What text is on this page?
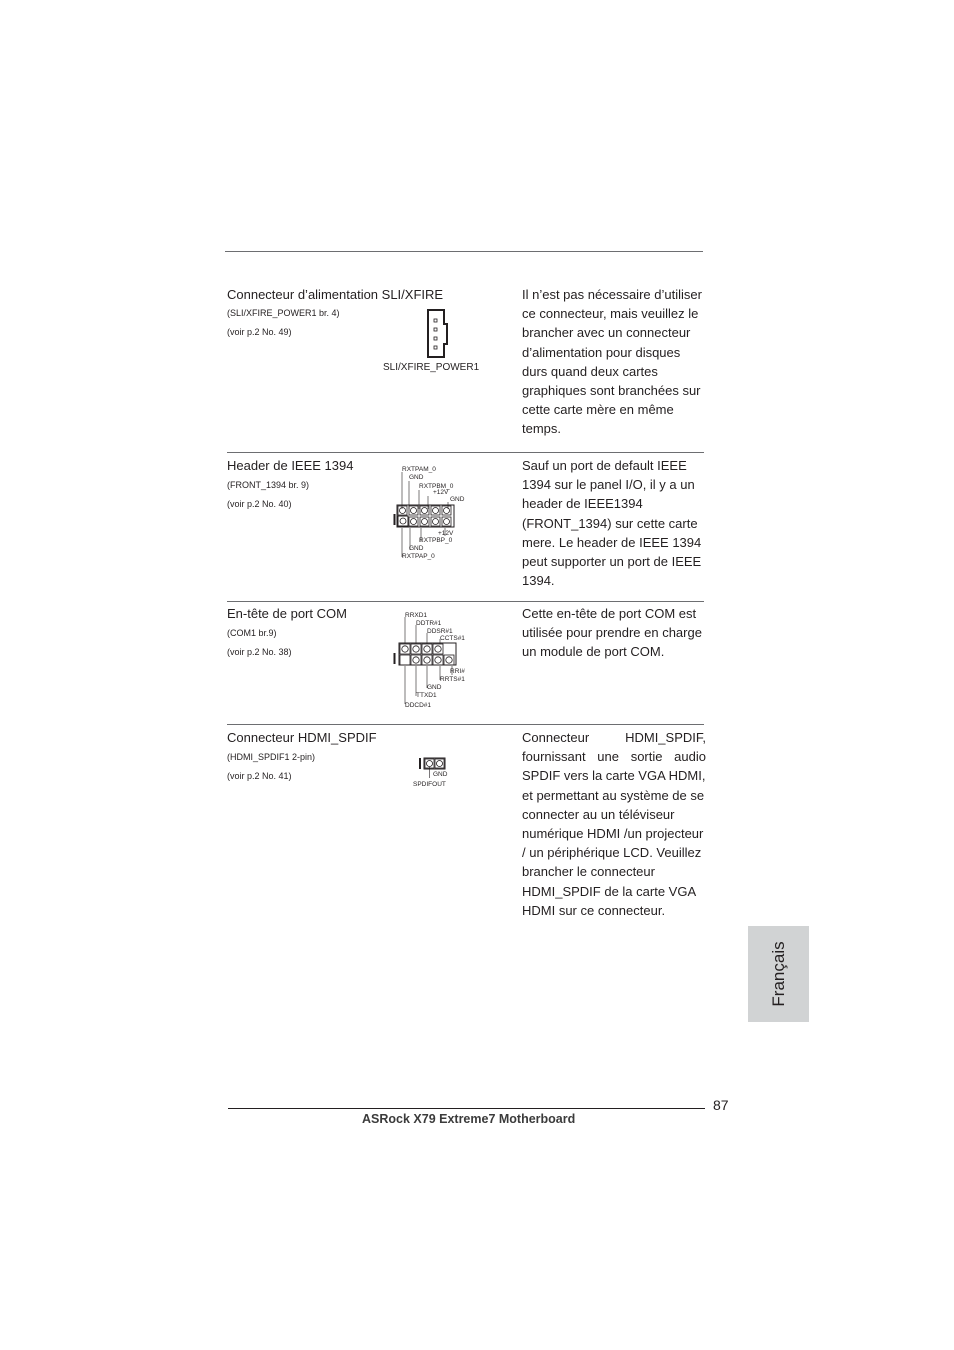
Connecteur d’alimentation SLI/XFIRE
(SLI/XFIRE_POWER1 br. 4)
(voir p.2 No. 49)
SLI/XFIRE_POWER1
Il n’est pas nécessaire d’utiliser
ce connecteur, mais veuillez le
brancher avec un connecteur
d’alimentation pour disques
durs quand deux cartes
graphiques sont branchées sur
cette carte mère en même
temps.
Header de IEEE 1394
(FRONT_1394 br. 9)
(voir p.2 No. 40)
RXTPAM_0
GND
RXTPBM_0
+12V
GND
+12V
RXTPBP_0
GND
RXTPAP_0
Sauf un port de default IEEE
1394 sur le panel I/O, il y a un
header de IEEE1394
(FRONT_1394) sur cette carte
mere. Le header de IEEE 1394
peut supporter un port de IEEE
1394.
En-tête de port COM
(COM1 br.9)
(voir p.2 No. 38)
RRXD1
DDTR#1
DDSR#1
CCTS#1
RRI#
RRTS#1
GND
TTXD1
DDCD#1
Cette en-tête de port COM est
utilisée pour prendre en charge
un module de port COM.
Connecteur HDMI_SPDIF
(HDMI_SPDIF1 2-pin)
(voir p.2 No. 41)	GND
SPDIFOUT
Connecteur HDMI_SPDIF,
fournissant une sortie audio
SPDIF vers la carte VGA HDMI,
et permettant au système de se
connecter au un téléviseur
numérique HDMI /un projecteur
/ un périphérique LCD. Veuillez
brancher le connecteur
HDMI_SPDIF de la carte VGA
HDMI sur ce connecteur.
Français
87
ASRock X79 Extreme7 Motherboard
